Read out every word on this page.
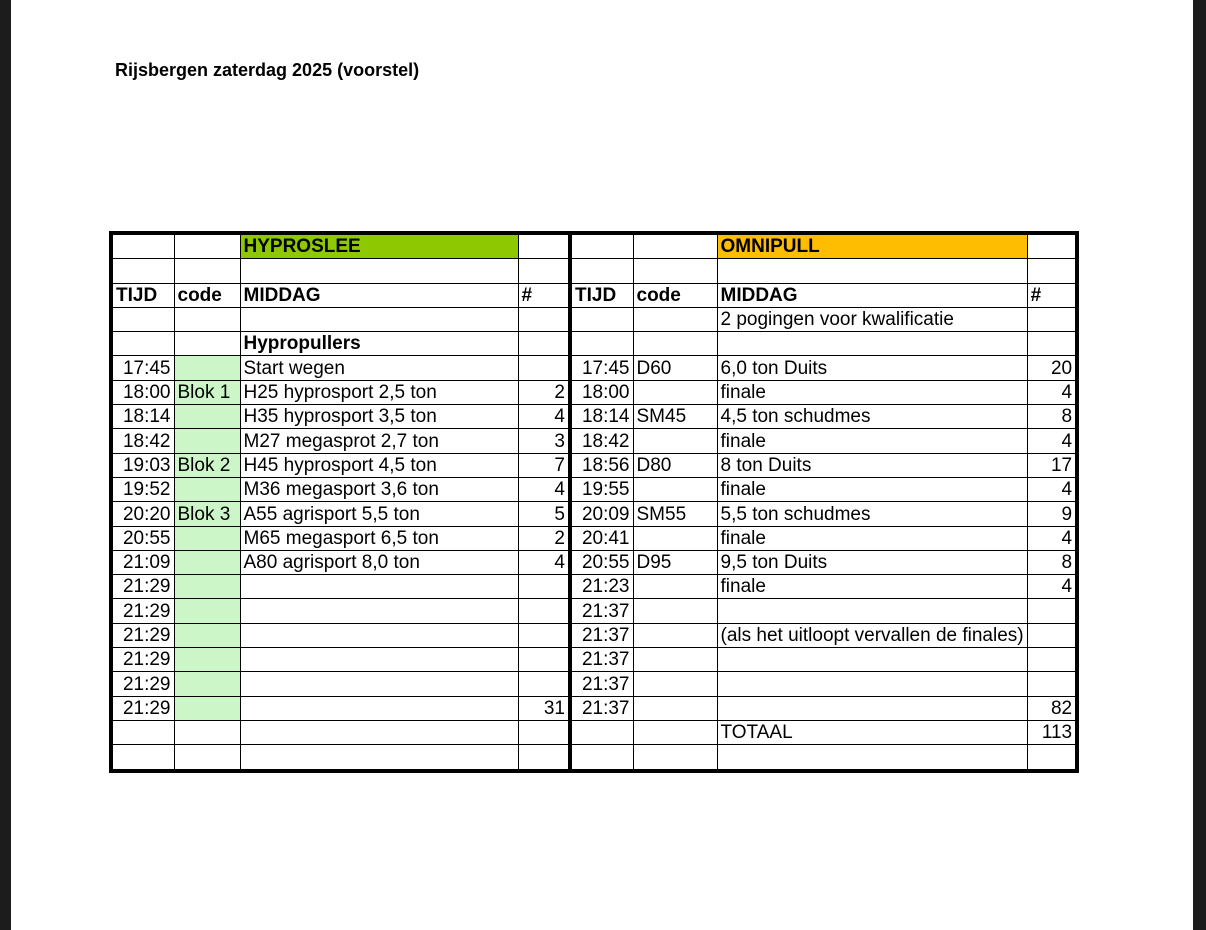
Rijsbergen zaterdag 2025 (voorstel)
		HYPROSLEE				OMNIPULL	

TIJD	code	MIDDAG	#	TIJD	code	MIDDAG	#
						2 pogingen voor kwalificatie	
		Hypropullers					
17:45		Start wegen		17:45	D60	6,0 ton Duits	20
18:00	Blok 1	H25 hyprosport 2,5 ton	2	18:00		finale	4
18:14		H35 hyprosport 3,5 ton	4	18:14	SM45	4,5 ton schudmes	8
18:42		M27 megasprot 2,7 ton	3	18:42		finale	4
19:03	Blok 2	H45 hyprosport 4,5 ton	7	18:56	D80	8 ton Duits	17
19:52		M36 megasport 3,6 ton	4	19:55		finale	4
20:20	Blok 3	A55 agrisport 5,5 ton	5	20:09	SM55	5,5 ton schudmes	9
20:55		M65 megasport 6,5 ton	2	20:41		finale	4
21:09		A80 agrisport 8,0 ton	4	20:55	D95	9,5 ton Duits	8
21:29				21:23		finale	4
21:29				21:37			
21:29				21:37		(als het uitloopt vervallen de finales)	
21:29				21:37			
21:29				21:37			
21:29			31	21:37			82
						TOTAAL	113
